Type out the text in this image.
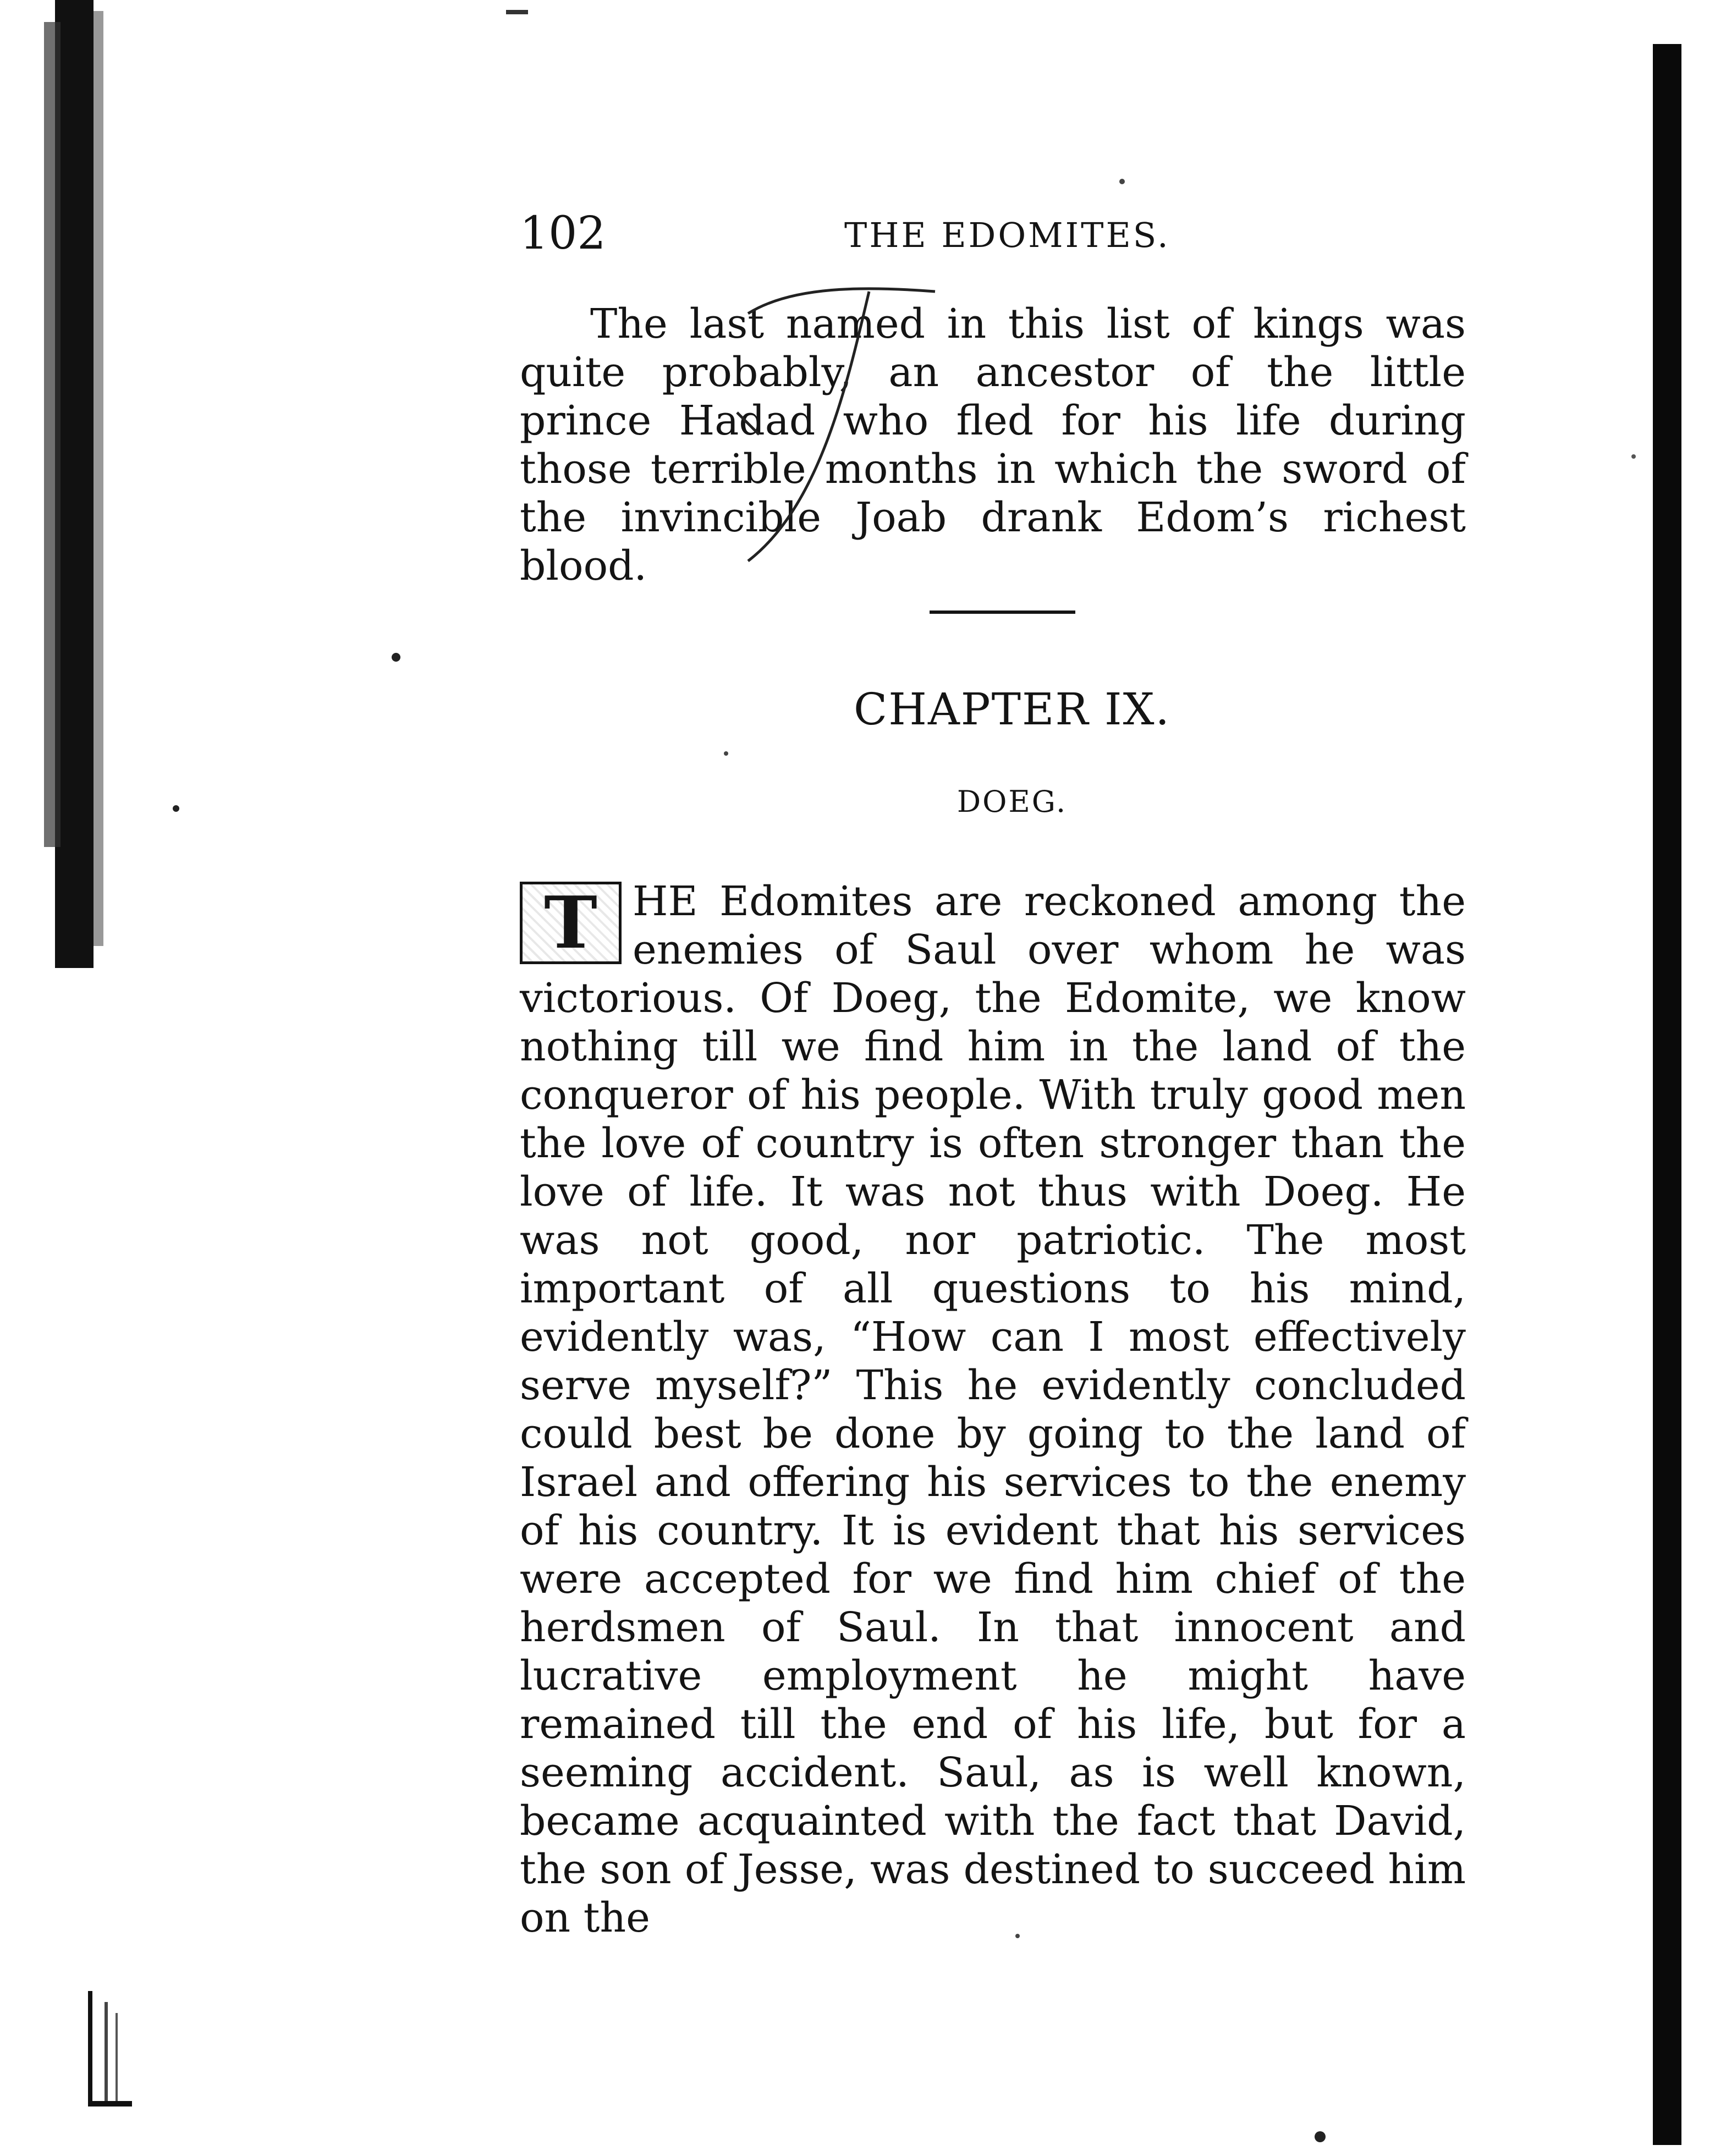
102	THE EDOMITES.

The last named in this list of kings was quite probably, an ancestor of the little prince Hadad who fled for his life during those terrible months in which the sword of the invincible Joab drank Edom’s richest blood.

CHAPTER IX.
DOEG.
T HE Edomites are reckoned among the enemies of Saul over whom he was victorious. Of Doeg, the Edomite, we know nothing till we find him in the land of the conqueror of his people. With truly good men the love of country is often stronger than the love of life. It was not thus with Doeg. He was not good, nor patriotic. The most important of all questions to his mind, evidently was, “How can I most effectively serve myself?” This he evidently concluded could best be done by going to the land of Israel and offering his services to the enemy of his country. It is evident that his services were accepted for we find him chief of the herdsmen of Saul. In that innocent and lucrative employment he might have remained till the end of his life, but for a seeming accident. Saul, as is well known, became acquainted with the fact that David, the son of Jesse, was destined to succeed him on the
